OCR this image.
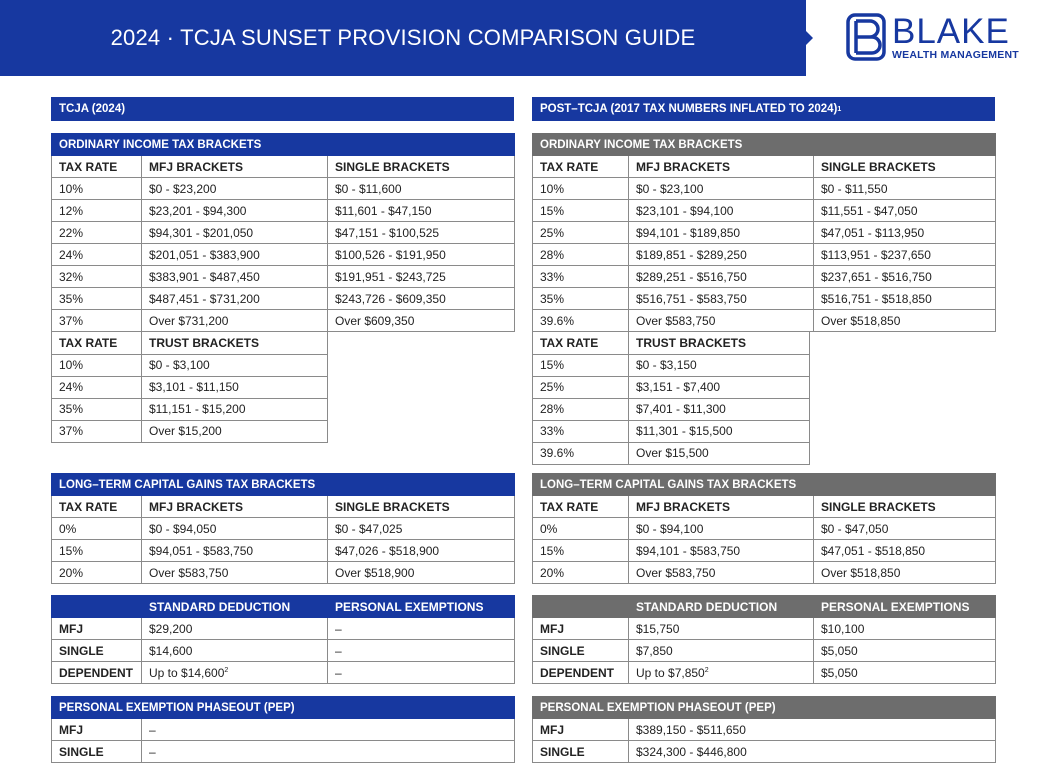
2024 · TCJA SUNSET PROVISION COMPARISON GUIDE	BLAKE
WEALTH MANAGEMENT
TCJA (2024)
ORDINARY INCOME TAX BRACKETS		
TAX RATE	MFJ BRACKETS	SINGLE BRACKETS
10%	$0 - $23,200	$0 - $11,600
12%	$23,201 - $94,300	$11,601 - $47,150
22%	$94,301 - $201,050	$47,151 - $100,525
24%	$201,051 - $383,900	$100,526 - $191,950
32%	$383,901 - $487,450	$191,951 - $243,725
35%	$487,451 - $731,200	$243,726 - $609,350
37%	Over $731,200	Over $609,350
TAX RATE	TRUST BRACKETS
10%	$0 - $3,100
24%	$3,101 - $11,150
35%	$11,151 - $15,200
37%	Over $15,200
LONG–TERM CAPITAL GAINS TAX BRACKETS		
TAX RATE	MFJ BRACKETS	SINGLE BRACKETS
0%	$0 - $94,050	$0 - $47,025
15%	$94,051 - $583,750	$47,026 - $518,900
20%	Over $583,750	Over $518,900
	STANDARD DEDUCTION	PERSONAL EXEMPTIONS
MFJ	$29,200	–
SINGLE	$14,600	–
DEPENDENT	Up to $14,600$^2$	–
PERSONAL EXEMPTION PHASEOUT (PEP)	
MFJ	–
SINGLE	–
POST–TCJA (2017 TAX NUMBERS INFLATED TO 2024) 1
ORDINARY INCOME TAX BRACKETS		
TAX RATE	MFJ BRACKETS	SINGLE BRACKETS
10%	$0 - $23,100	$0 - $11,550
15%	$23,101 - $94,100	$11,551 - $47,050
25%	$94,101 - $189,850	$47,051 - $113,950
28%	$189,851 - $289,250	$113,951 - $237,650
33%	$289,251 - $516,750	$237,651 - $516,750
35%	$516,751 - $583,750	$516,751 - $518,850
39.6%	Over $583,750	Over $518,850
TAX RATE	TRUST BRACKETS
15%	$0 - $3,150
25%	$3,151 - $7,400
28%	$7,401 - $11,300
33%	$11,301 - $15,500
39.6%	Over $15,500
LONG–TERM CAPITAL GAINS TAX BRACKETS		
TAX RATE	MFJ BRACKETS	SINGLE BRACKETS
0%	$0 - $94,100	$0 - $47,050
15%	$94,101 - $583,750	$47,051 - $518,850
20%	Over $583,750	Over $518,850
	STANDARD DEDUCTION	PERSONAL EXEMPTIONS
MFJ	$15,750	$10,100
SINGLE	$7,850	$5,050
DEPENDENT	Up to $7,850$^2$	$5,050
PERSONAL EXEMPTION PHASEOUT (PEP)	
MFJ	$389,150 - $511,650
SINGLE	$324,300 - $446,800
